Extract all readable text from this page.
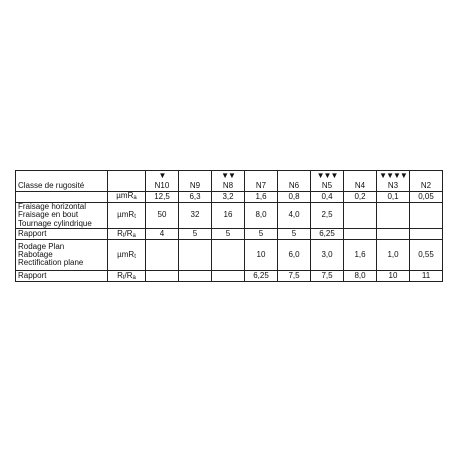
		▼		▼▼			▼▼▼		▼▼▼▼	

Classe de rugosité		N10	N9	N8	N7	N6	N5	N4	N3	N2
	µmRa	12,5	6,3	3,2	1,6	0,8	0,4	0,2	0,1	0,05

Fraisage horizontal
Fraisage en bout
Tournage cylindrique	µmRt	50	32	16	8,0	4,0	2,5			
Rapport	Rt/Ra	4	5	5	5	5	6,25			

Rodage Plan
Rabotage
Rectification plane	µmRt				10	6,0	3,0	1,6	1,0	0,55
Rapport	Rt/Ra				6,25	7,5	7,5	8,0	10	11
